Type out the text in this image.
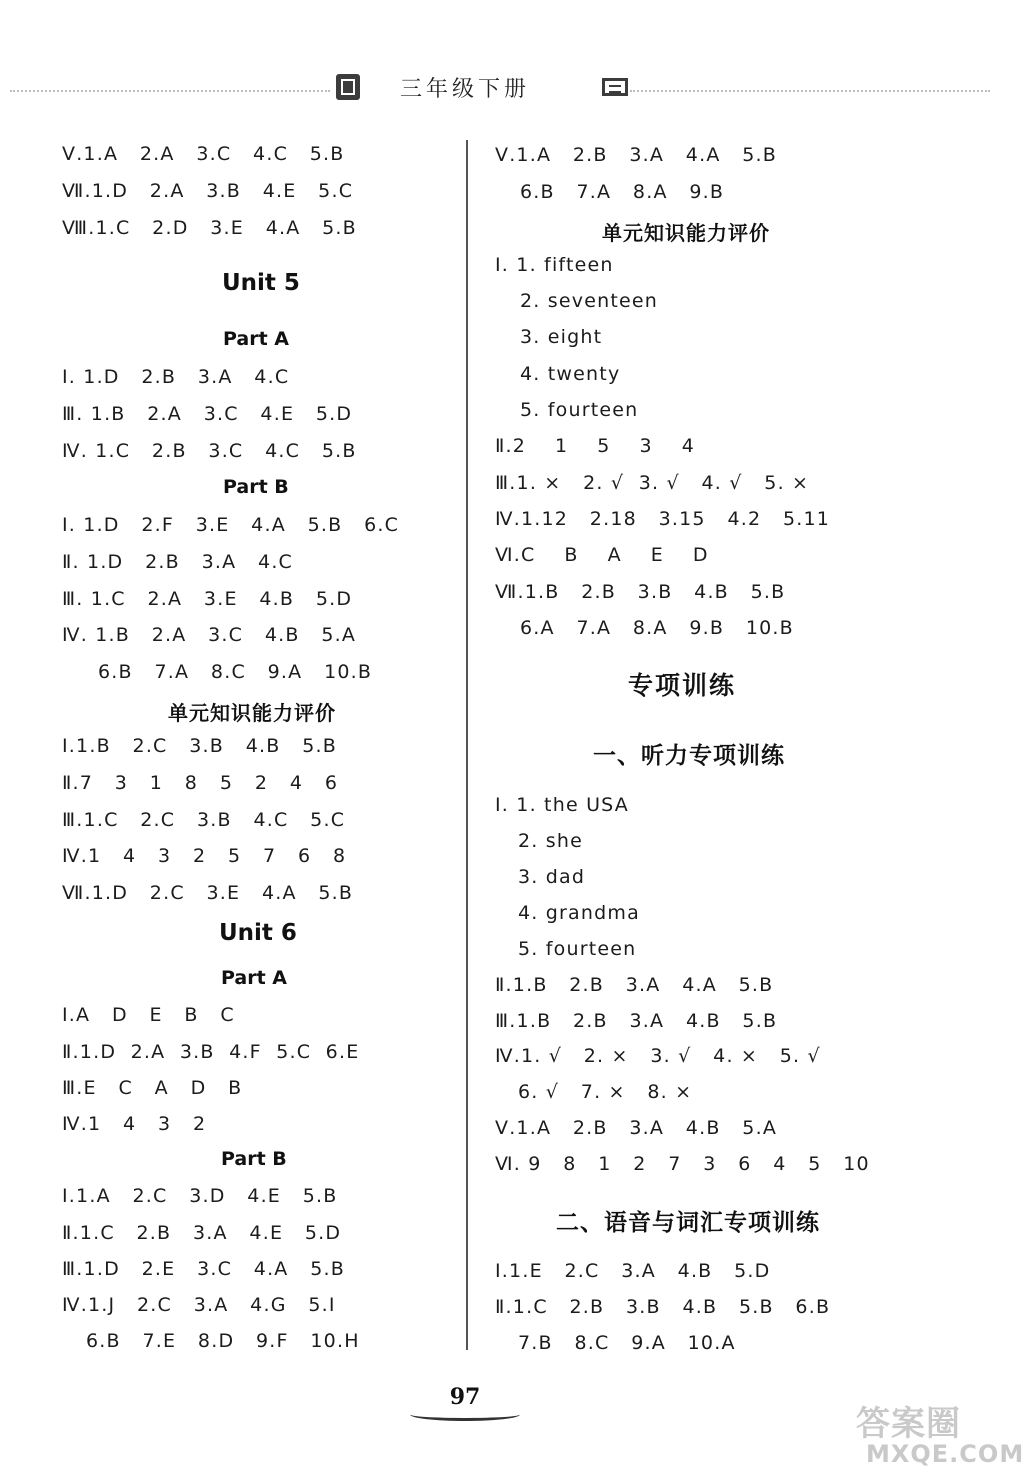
三年级下册
Ⅴ.1.A   2.A   3.C   4.C   5.B
Ⅶ.1.D   2.A   3.B   4.E   5.C
Ⅷ.1.C   2.D   3.E   4.A   5.B
Unit 5
Part A
Ⅰ. 1.D   2.B   3.A   4.C
Ⅲ. 1.B   2.A   3.C   4.E   5.D
Ⅳ. 1.C   2.B   3.C   4.C   5.B
Part B
Ⅰ. 1.D   2.F   3.E   4.A   5.B   6.C
Ⅱ. 1.D   2.B   3.A   4.C
Ⅲ. 1.C   2.A   3.E   4.B   5.D
Ⅳ. 1.B   2.A   3.C   4.B   5.A
6.B   7.A   8.C   9.A   10.B
单元知识能力评价
Ⅰ.1.B   2.C   3.B   4.B   5.B
Ⅱ.7   3   1   8   5   2   4   6
Ⅲ.1.C   2.C   3.B   4.C   5.C
Ⅳ.1   4   3   2   5   7   6   8
Ⅶ.1.D   2.C   3.E   4.A   5.B
Unit 6
Part A
Ⅰ.A   D   E   B   C
Ⅱ.1.D  2.A  3.B  4.F  5.C  6.E
Ⅲ.E   C   A   D   B
Ⅳ.1   4   3   2
Part B
Ⅰ.1.A   2.C   3.D   4.E   5.B
Ⅱ.1.C   2.B   3.A   4.E   5.D
Ⅲ.1.D   2.E   3.C   4.A   5.B
Ⅳ.1.J   2.C   3.A   4.G   5.I
6.B   7.E   8.D   9.F   10.H
Ⅴ.1.A   2.B   3.A   4.A   5.B
6.B   7.A   8.A   9.B
单元知识能力评价
Ⅰ. 1. fifteen
2. seventeen
3. eight
4. twenty
5. fourteen
Ⅱ.2    1    5    3    4
Ⅲ.1. ×   2. √  3. √   4. √   5. ×
Ⅳ.1.12   2.18   3.15   4.2   5.11
Ⅵ.C    B    A    E    D
Ⅶ.1.B   2.B   3.B   4.B   5.B
6.A   7.A   8.A   9.B   10.B
专项训练
一、听力专项训练
Ⅰ. 1. the USA
2. she
3. dad
4. grandma
5. fourteen
Ⅱ.1.B   2.B   3.A   4.A   5.B
Ⅲ.1.B   2.B   3.A   4.B   5.B
Ⅳ.1. √   2. ×   3. √   4. ×   5. √
6. √   7. ×   8. ×
Ⅴ.1.A   2.B   3.A   4.B   5.A
Ⅵ. 9   8   1   2   7   3   6   4   5   10
二、语音与词汇专项训练
Ⅰ.1.E   2.C   3.A   4.B   5.D
Ⅱ.1.C   2.B   3.B   4.B   5.B   6.B
7.B   8.C   9.A   10.A
97
答案圈
MXQE.COM
